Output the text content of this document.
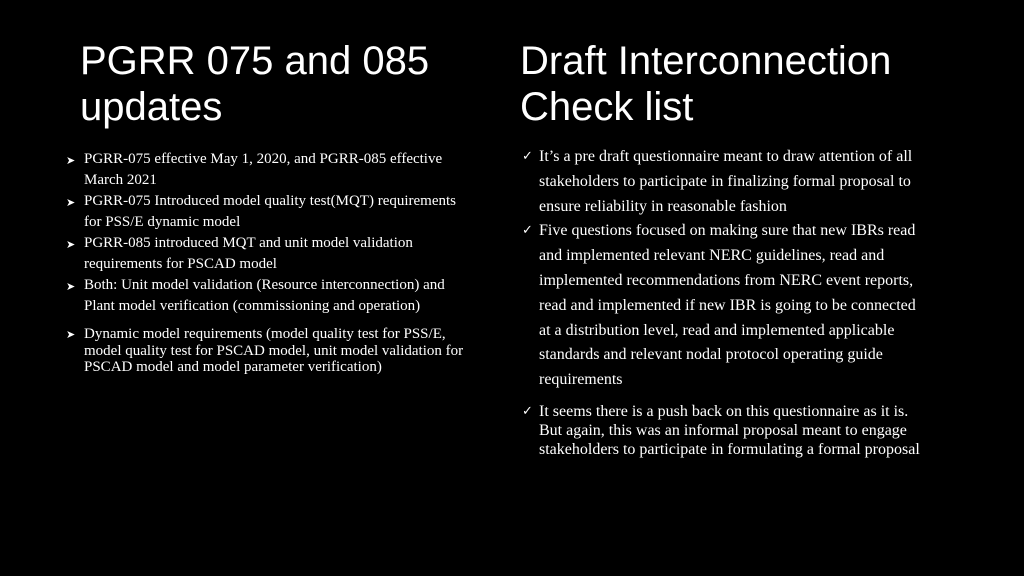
PGRR 075 and 085
updates
Draft Interconnection
Check list
➤ PGRR-075 effective May 1, 2020, and PGRR-085 effective March 2021
➤ PGRR-075 Introduced model quality test(MQT) requirements for PSS/E dynamic model
➤ PGRR-085 introduced MQT and unit model validation requirements for PSCAD model
➤ Both: Unit model validation (Resource interconnection) and Plant model verification (commissioning and operation)
➤ Dynamic model requirements (model quality test for PSS/E, model quality test for PSCAD model, unit model validation for PSCAD model and model parameter verification)
✓ It’s a pre draft questionnaire meant to draw attention of all stakeholders to participate in finalizing formal proposal to ensure reliability in reasonable fashion
✓ Five questions focused on making sure that new IBRs read and implemented relevant NERC guidelines, read and implemented recommendations from NERC event reports, read and implemented if new IBR is going to be connected at a distribution level, read and implemented applicable standards and relevant nodal protocol operating guide requirements
✓ It seems there is a push back on this questionnaire as it is. But again, this was an informal proposal meant to engage stakeholders to participate in formulating a formal proposal
